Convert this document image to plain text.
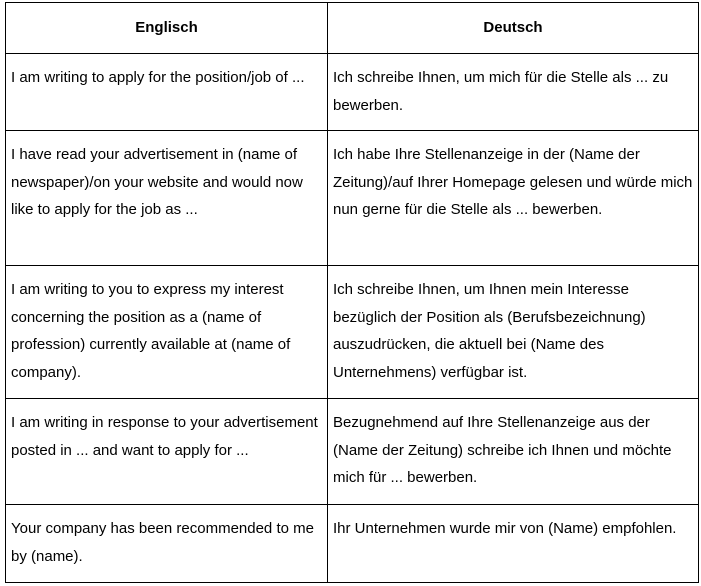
Englisch	Deutsch
I am writing to apply for the position/job of ...	Ich schreibe Ihnen, um mich für die Stelle als ... zu bewerben.
I have read your advertisement in (name of newspaper)/on your website and would now like to apply for the job as ...	Ich habe Ihre Stellenanzeige in der (Name der Zeitung)/auf Ihrer Homepage gelesen und würde mich nun gerne für die Stelle als ... bewerben.
I am writing to you to express my interest concerning the position as a (name of profession) currently available at (name of company).	Ich schreibe Ihnen, um Ihnen mein Interesse bezüglich der Position als (Berufsbezeichnung) auszudrücken, die aktuell bei (Name des Unternehmens) verfügbar ist.
I am writing in response to your advertisement posted in ... and want to apply for ...	Bezugnehmend auf Ihre Stellenanzeige aus der (Name der Zeitung) schreibe ich Ihnen und möchte mich für ... bewerben.
Your company has been recommended to me by (name).	Ihr Unternehmen wurde mir von (Name) empfohlen.
